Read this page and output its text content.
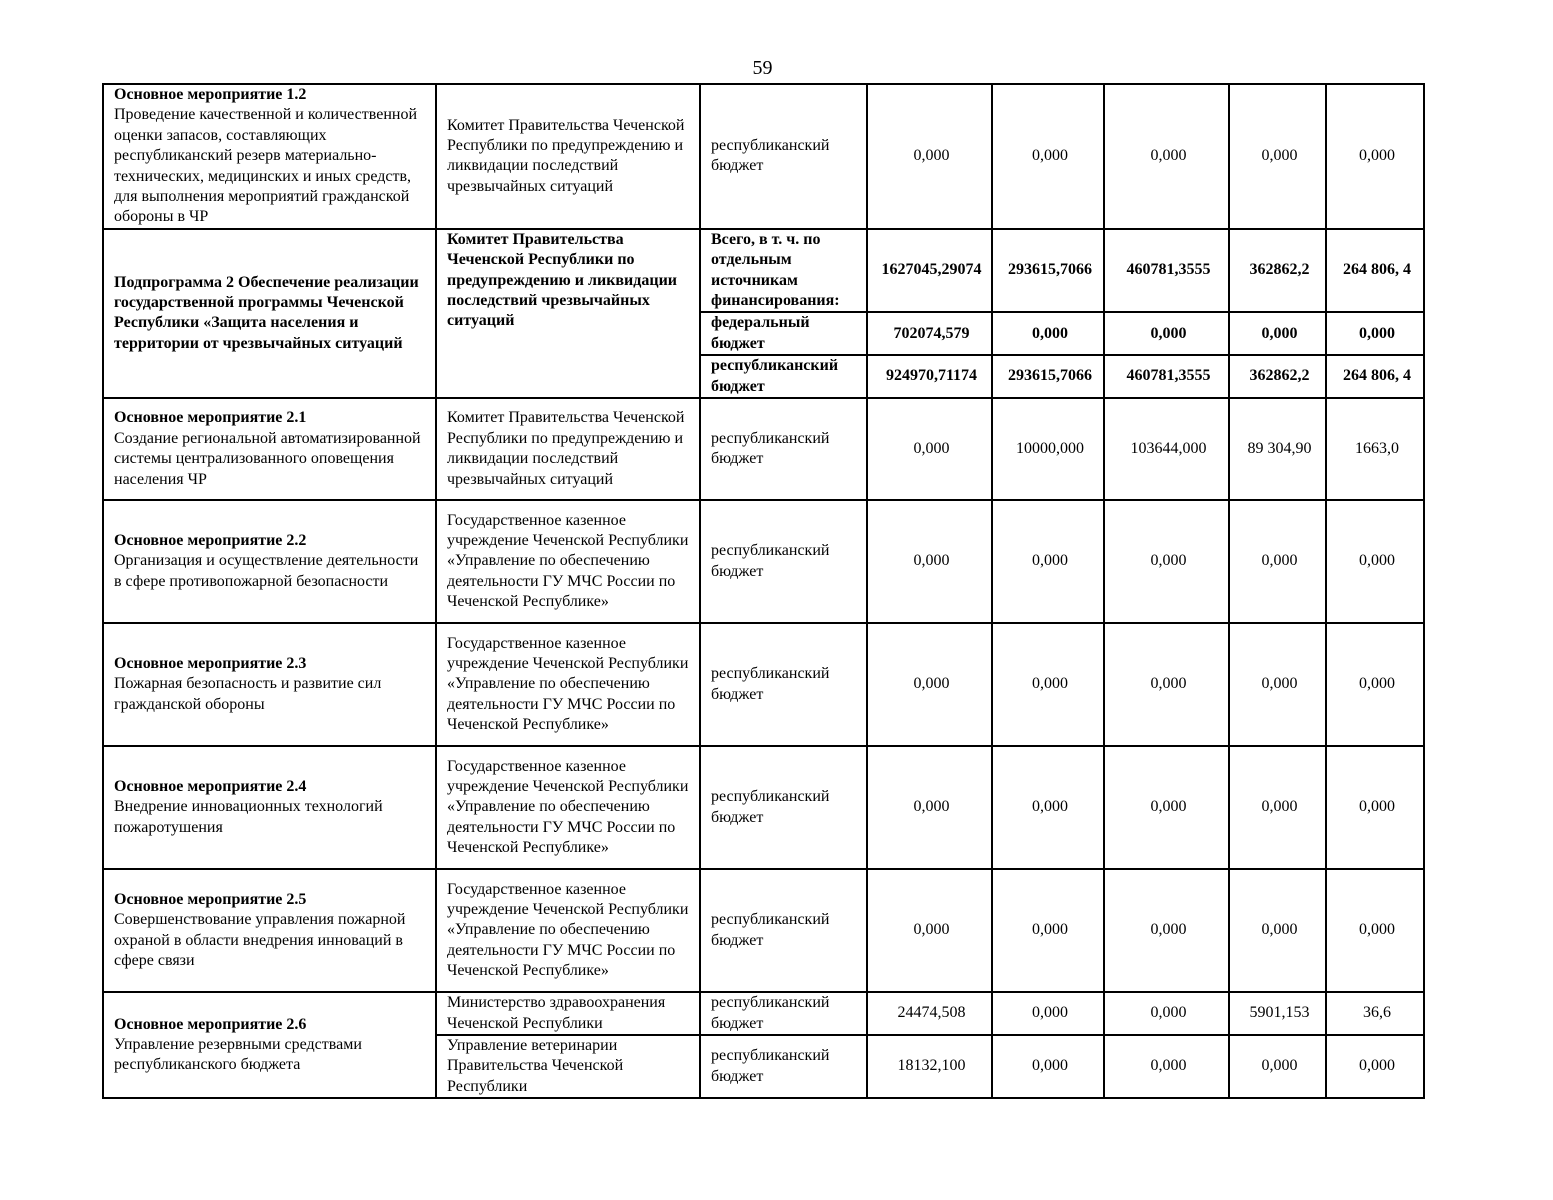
59
Основное мероприятие 1.2
Проведение качественной и количественной оценки запасов, составляющих республиканский резерв материально-технических, медицинских и иных средств, для выполнения мероприятий гражданской обороны в ЧР	Комитет Правительства Чеченской Республики по предупреждению и ликвидации последствий чрезвычайных ситуаций	республиканский бюджет	0,000	0,000	0,000	0,000	0,000
Подпрограмма 2 Обеспечение реализации государственной программы Чеченской Республики «Защита населения и территории от чрезвычайных ситуаций	Комитет Правительства Чеченской Республики по предупреждению и ликвидации последствий чрезвычайных ситуаций	Всего, в т. ч. по отдельным источникам финансирования:	1627045,29074	293615,7066	460781,3555	362862,2	264 806, 4
		федеральный бюджет	702074,579	0,000	0,000	0,000	0,000
		республиканский бюджет	924970,71174	293615,7066	460781,3555	362862,2	264 806, 4

Основное мероприятие 2.1
Создание региональной автоматизированной системы централизованного оповещения населения ЧР	Комитет Правительства Чеченской Республики по предупреждению и ликвидации последствий чрезвычайных ситуаций	республиканский бюджет	0,000	10000,000	103644,000	89 304,90	1663,0

Основное мероприятие 2.2
Организация и осуществление деятельности в сфере противопожарной безопасности	Государственное казенное учреждение Чеченской Республики «Управление по обеспечению деятельности ГУ МЧС России по Чеченской Республике»	республиканский бюджет	0,000	0,000	0,000	0,000	0,000

Основное мероприятие 2.3
Пожарная безопасность и развитие сил гражданской обороны	Государственное казенное учреждение Чеченской Республики «Управление по обеспечению деятельности ГУ МЧС России по Чеченской Республике»	республиканский бюджет	0,000	0,000	0,000	0,000	0,000

Основное мероприятие 2.4
Внедрение инновационных технологий пожаротушения	Государственное казенное учреждение Чеченской Республики «Управление по обеспечению деятельности ГУ МЧС России по Чеченской Республике»	республиканский бюджет	0,000	0,000	0,000	0,000	0,000

Основное мероприятие 2.5
Совершенствование управления пожарной охраной в области внедрения инноваций в сфере связи	Государственное казенное учреждение Чеченской Республики «Управление по обеспечению деятельности ГУ МЧС России по Чеченской Республике»	республиканский бюджет	0,000	0,000	0,000	0,000	0,000

Основное мероприятие 2.6
Управление резервными средствами республиканского бюджета	Министерство здравоохранения Чеченской Республики	республиканский бюджет	24474,508	0,000	0,000	5901,153	36,6
	Управление ветеринарии Правительства Чеченской Республики	республиканский бюджет	18132,100	0,000	0,000	0,000	0,000
